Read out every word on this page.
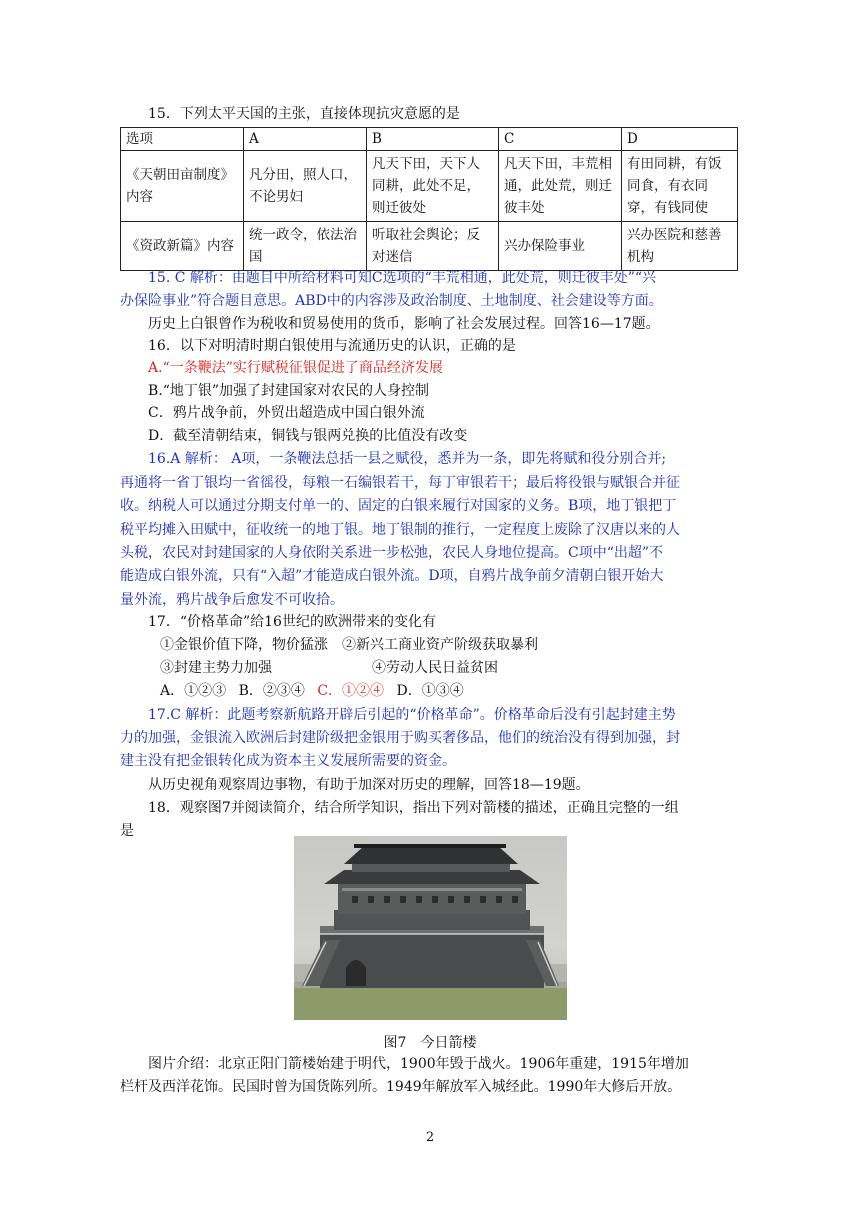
15．下列太平天国的主张，直接体现抗灾意愿的是
选项	A	B	C	D
《天朝田亩制度》内容	凡分田，照人口，不论男妇	凡天下田，天下人同耕，此处不足，则迁彼处	凡天下田，丰荒相通，此处荒，则迁彼丰处	有田同耕，有饭同食，有衣同穿，有钱同使
《资政新篇》内容	统一政令，依法治国	听取社会舆论；反对迷信	兴办保险事业	兴办医院和慈善机构
15. C 解析：由题目中所给材料可知C选项的“丰荒相通，此处荒，则迁彼丰处”“兴
办保险事业”符合题目意思。ABD中的内容涉及政治制度、土地制度、社会建设等方面。
历史上白银曾作为税收和贸易使用的货币，影响了社会发展过程。回答16—17题。
16．以下对明清时期白银使用与流通历史的认识，正确的是
A.“一条鞭法”实行赋税征银促进了商品经济发展
B.“地丁银”加强了封建国家对农民的人身控制
C．鸦片战争前，外贸出超造成中国白银外流
D．截至清朝结束，铜钱与银两兑换的比值没有改变
16.A 解析： A项，一条鞭法总括一县之赋役，悉并为一条，即先将赋和役分别合并;
再通将一省丁银均一省徭役，每粮一石编银若干，每丁审银若干；最后将役银与赋银合并征
收。纳税人可以通过分期支付单一的、固定的白银来履行对国家的义务。B项，地丁银把丁
税平均摊入田赋中，征收统一的地丁银。地丁银制的推行，一定程度上废除了汉唐以来的人
头税，农民对封建国家的人身依附关系进一步松弛，农民人身地位提高。C项中“出超”不
能造成白银外流，只有“入超”才能造成白银外流。D项，自鸦片战争前夕清朝白银开始大
量外流，鸦片战争后愈发不可收拾。
17．“价格革命”给16世纪的欧洲带来的变化有
①金银价值下降，物价猛涨　②新兴工商业资产阶级获取暴利
③封建主势力加强	④劳动人民日益贫困
A．①②③ B．②③④ C．①②④ D．①③④
17.C 解析：此题考察新航路开辟后引起的“价格革命”。价格革命后没有引起封建主势
力的加强，金银流入欧洲后封建阶级把金银用于购买奢侈品，他们的统治没有得到加强，封
建主没有把金银转化成为资本主义发展所需要的资金。
从历史视角观察周边事物，有助于加深对历史的理解，回答18—19题。
18．观察图7并阅读简介，结合所学知识，指出下列对箭楼的描述，正确且完整的一组
是
图7　今日箭楼
图片介绍：北京正阳门箭楼始建于明代，1900年毁于战火。1906年重建，1915年增加
栏杆及西洋花饰。民国时曾为国货陈列所。1949年解放军入城经此。1990年大修后开放。
2
